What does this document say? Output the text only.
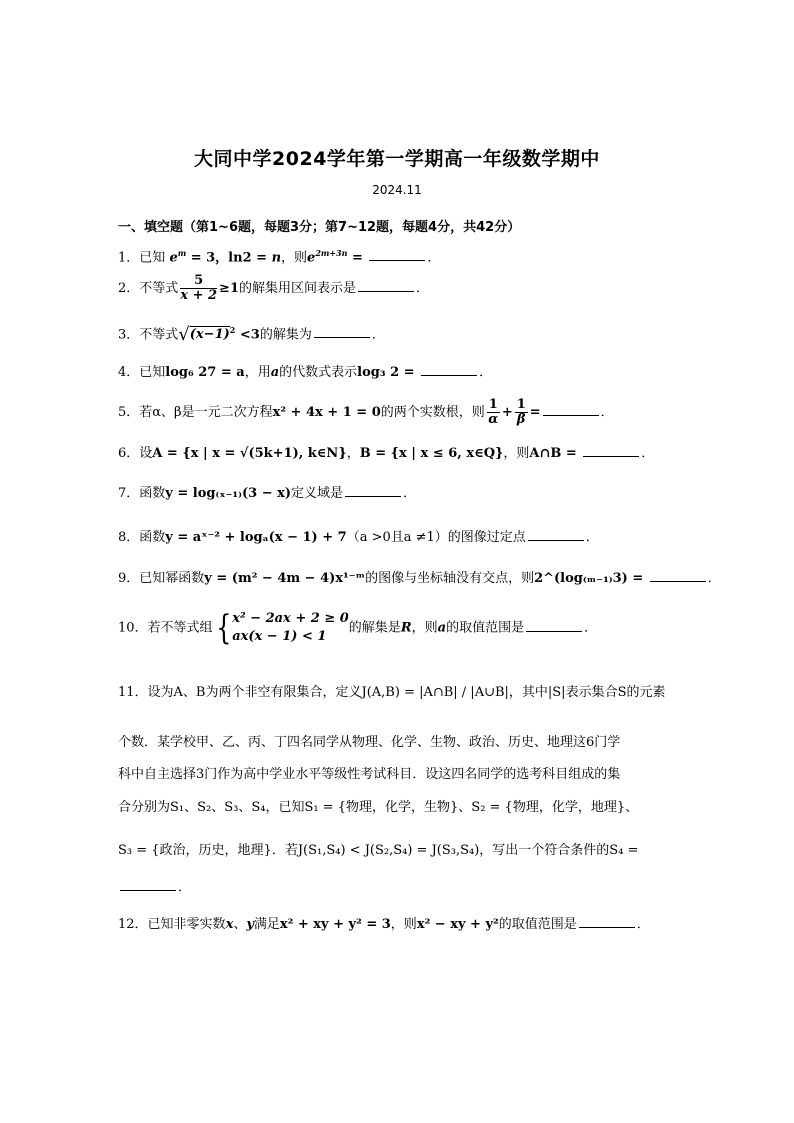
大同中学2024学年第一学期高一年级数学期中
2024.11
一、填空题（第1~6题，每题3分；第7~12题，每题4分，共42分）
1．已知 $e^m = 3$，ln2 = n，则$e^{2m+3n}$ =	．
2．不等式 $\frac{5}{x + 2} \ge 1$的解集用区间表示是	．
3．不等式$√(x-1)^2 <3$的解集为	．
4．已知log₆ 27 = a，用a的代数式表示log₃ 2 =	．
5．若α、β是一元二次方程x² + 4x + 1 = 0的两个实数根，则 $\frac{1}{\alpha} + \frac{1}{\beta}$ =	．
6．设A = {x | x = √(5k+1), k∈N}，B = {x | x ≤ 6, x∈Q}，则A∩B =	．
7．函数y = log₍ₓ₋₁₎(3 − x)定义域是	．
8．函数y = aˣ⁻² + logₐ(x − 1) + 7（a >0且a ≠1）的图像过定点	．
9．已知幂函数y = (m² − 4m − 4)x¹⁻ᵐ的图像与坐标轴没有交点，则2^(log₍ₘ₋₁₎3) =	．
10．若不等式组{ x² − 2ax + 2 ≥ 0
ax(x − 1) < 1
的解集是R，则a的取值范围是	．
11．设为A、B为两个非空有限集合，定义J(A,B) = |A∩B| / |A∪B|，其中|S|表示集合S的元素
个数．某学校甲、乙、丙、丁四名同学从物理、化学、生物、政治、历史、地理这6门学
科中自主选择3门作为高中学业水平等级性考试科目．设这四名同学的选考科目组成的集
合分别为S₁、S₂、S₃、S₄，已知S₁ = {物理，化学，生物}、S₂ = {物理，化学，地理}、
S₃ = {政治，历史，地理}．若J(S₁,S₄) < J(S₂,S₄) = J(S₃,S₄)，写出一个符合条件的S₄ =
．
12．已知非零实数x、y满足x² + xy + y² = 3，则x² − xy + y²的取值范围是	．
